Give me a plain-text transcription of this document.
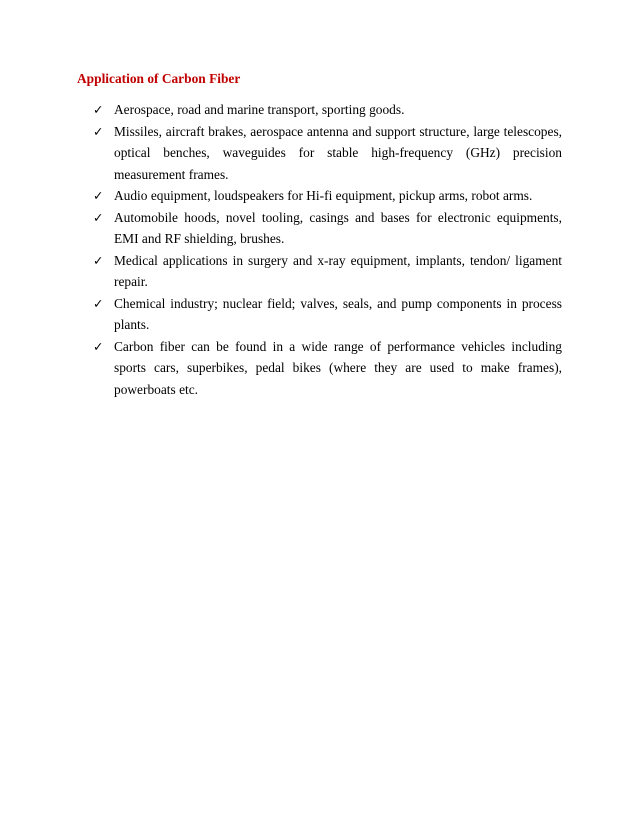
Application of Carbon Fiber
✓ Aerospace, road and marine transport, sporting goods.
✓ Missiles, aircraft brakes, aerospace antenna and support structure, large telescopes, optical benches, waveguides for stable high-frequency (GHz) precision measurement frames.
✓ Audio equipment, loudspeakers for Hi-fi equipment, pickup arms, robot arms.
✓ Automobile hoods, novel tooling, casings and bases for electronic equipments, EMI and RF shielding, brushes.
✓ Medical applications in surgery and x-ray equipment, implants, tendon/ ligament repair.
✓ Chemical industry; nuclear field; valves, seals, and pump components in process plants.
✓ Carbon fiber can be found in a wide range of performance vehicles including sports cars, superbikes, pedal bikes (where they are used to make frames), powerboats etc.
